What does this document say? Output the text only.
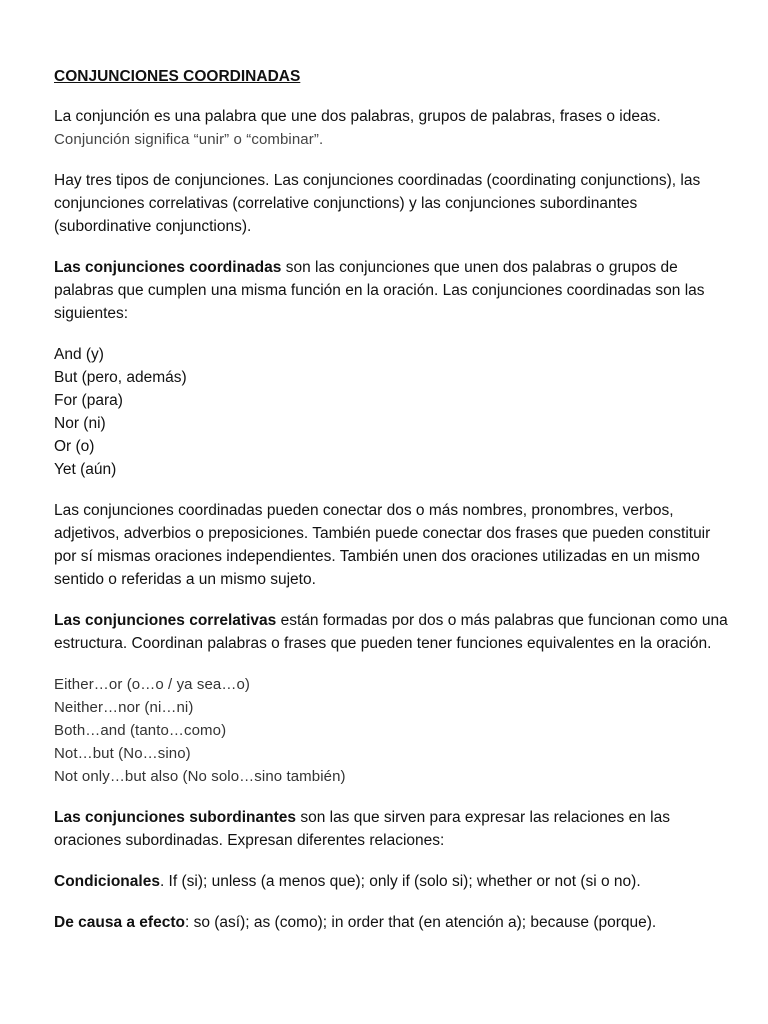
CONJUNCIONES COORDINADAS

La conjunción es una palabra que une dos palabras, grupos de palabras, frases o ideas.

Conjunción significa “unir” o “combinar”.

Hay tres tipos de conjunciones. Las conjunciones coordinadas (coordinating conjunctions), las conjunciones correlativas (correlative conjunctions) y las conjunciones subordinantes (subordinative conjunctions).

Las conjunciones coordinadas son las conjunciones que unen dos palabras o grupos de palabras que cumplen una misma función en la oración. Las conjunciones coordinadas son las siguientes:

And (y)
But (pero, además)
For (para)
Nor (ni)
Or (o)
Yet (aún)

Las conjunciones coordinadas pueden conectar dos o más nombres, pronombres, verbos, adjetivos, adverbios o preposiciones. También puede conectar dos frases que pueden constituir por sí mismas oraciones independientes. También unen dos oraciones utilizadas en un mismo sentido o referidas a un mismo sujeto.

Las conjunciones correlativas están formadas por dos o más palabras que funcionan como una estructura. Coordinan palabras o frases que pueden tener funciones equivalentes en la oración.

Either…or (o…o / ya sea…o)
Neither…nor (ni…ni)
Both…and (tanto…como)
Not…but (No…sino)
Not only…but also (No solo…sino también)

Las conjunciones subordinantes son las que sirven para expresar las relaciones en las oraciones subordinadas. Expresan diferentes relaciones:

Condicionales. If (si); unless (a menos que); only if (solo si); whether or not (si o no).

De causa a efecto: so (así); as (como); in order that (en atención a); because (porque).
